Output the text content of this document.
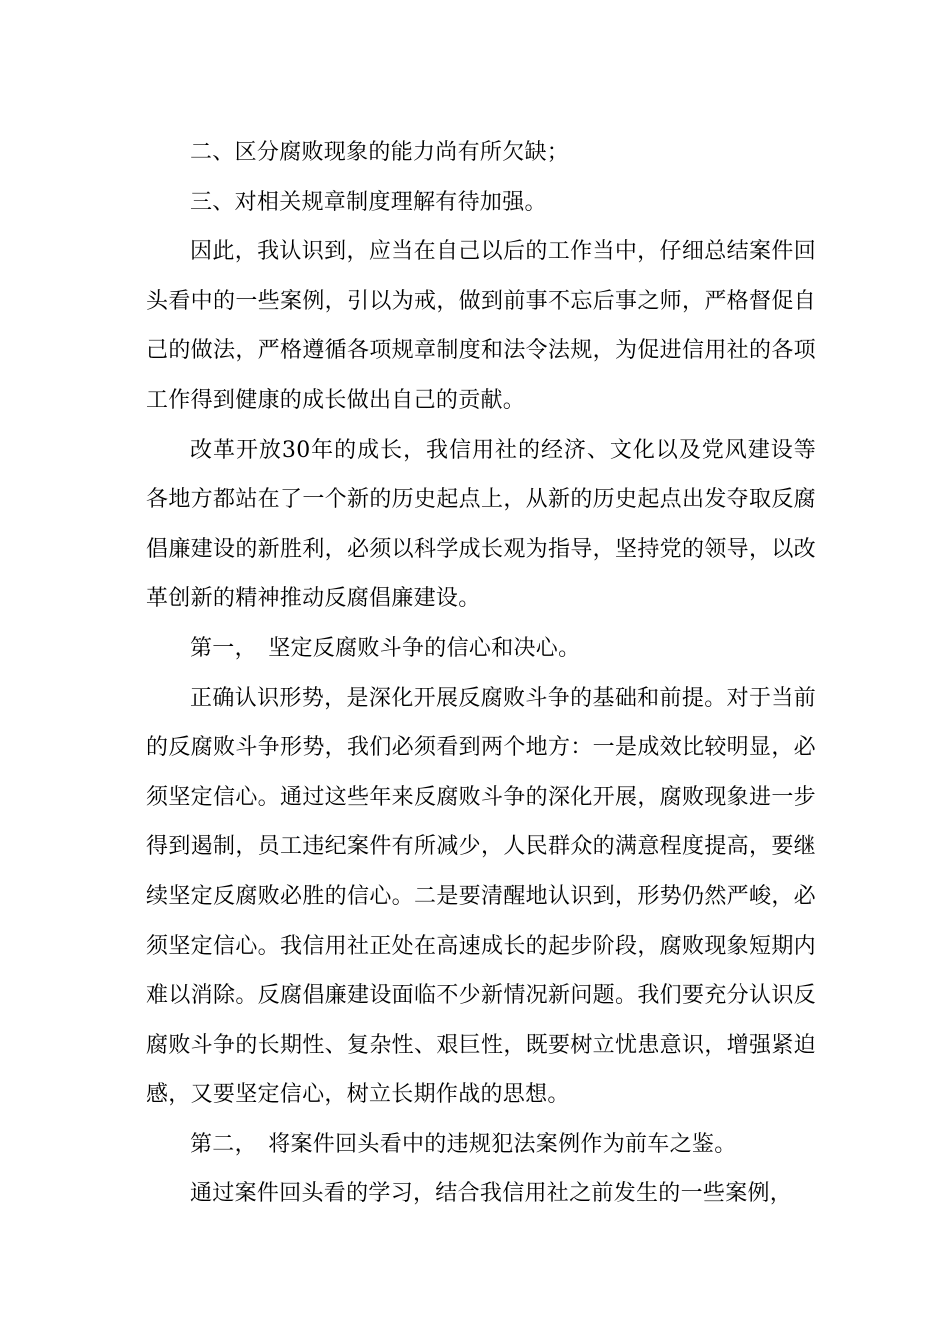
二、区分腐败现象的能力尚有所欠缺；

三、对相关规章制度理解有待加强。

因此，我认识到，应当在自己以后的工作当中，仔细总结案件回头看中的一些案例，引以为戒，做到前事不忘后事之师，严格督促自己的做法，严格遵循各项规章制度和法令法规，为促进信用社的各项工作得到健康的成长做出自己的贡献。

改革开放30年的成长，我信用社的经济、文化以及党风建设等各地方都站在了一个新的历史起点上，从新的历史起点出发夺取反腐倡廉建设的新胜利，必须以科学成长观为指导，坚持党的领导，以改革创新的精神推动反腐倡廉建设。

第一，　坚定反腐败斗争的信心和决心。

正确认识形势，是深化开展反腐败斗争的基础和前提。对于当前的反腐败斗争形势，我们必须看到两个地方：一是成效比较明显，必须坚定信心。通过这些年来反腐败斗争的深化开展，腐败现象进一步得到遏制，员工违纪案件有所减少，人民群众的满意程度提高，要继续坚定反腐败必胜的信心。二是要清醒地认识到，形势仍然严峻，必须坚定信心。我信用社正处在高速成长的起步阶段，腐败现象短期内难以消除。反腐倡廉建设面临不少新情况新问题。我们要充分认识反腐败斗争的长期性、复杂性、艰巨性，既要树立忧患意识，增强紧迫感，又要坚定信心，树立长期作战的思想。

第二，　将案件回头看中的违规犯法案例作为前车之鉴。

通过案件回头看的学习，结合我信用社之前发生的一些案例，
